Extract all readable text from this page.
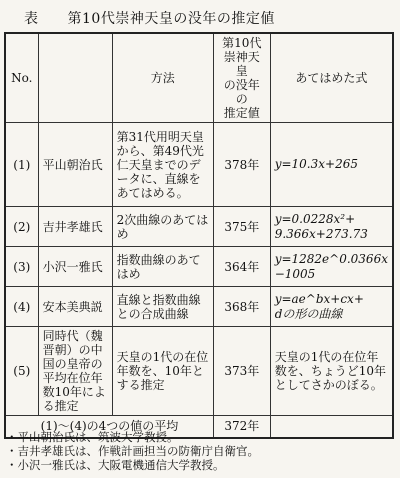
表　　第10代崇神天皇の没年の推定値
No.		方法	第10代
崇神天皇
の没年の
推定値	あてはめた式
(1)	平山朝治氏	第31代用明天皇から、第49代光仁天皇までのデータに、直線をあてはめる。	378年	y=10.3x+265
(2)	吉井孝雄氏	2次曲線のあてはめ	375年	y=0.0228x²+
9.366x+273.73
(3)	小沢一雅氏	指数曲線のあてはめ	364年	y=1282e^0.0366x
−1005
(4)	安本美典説	直線と指数曲線との合成曲線	368年	y=ae^bx+cx+
dの形の曲線
(5)	同時代（魏晋朝）の中国の皇帝の平均在位年数10年による推定	天皇の1代の在位年数を、10年とする推定	373年	天皇の1代の在位年数を、ちょうど10年としてさかのぼる。
(1)〜(4)の4つの値の平均			372年	
・平山朝治氏は、筑波大学教授。
・吉井孝雄氏は、作戦計画担当の防衛庁自衛官。
・小沢一雅氏は、大阪電機通信大学教授。
